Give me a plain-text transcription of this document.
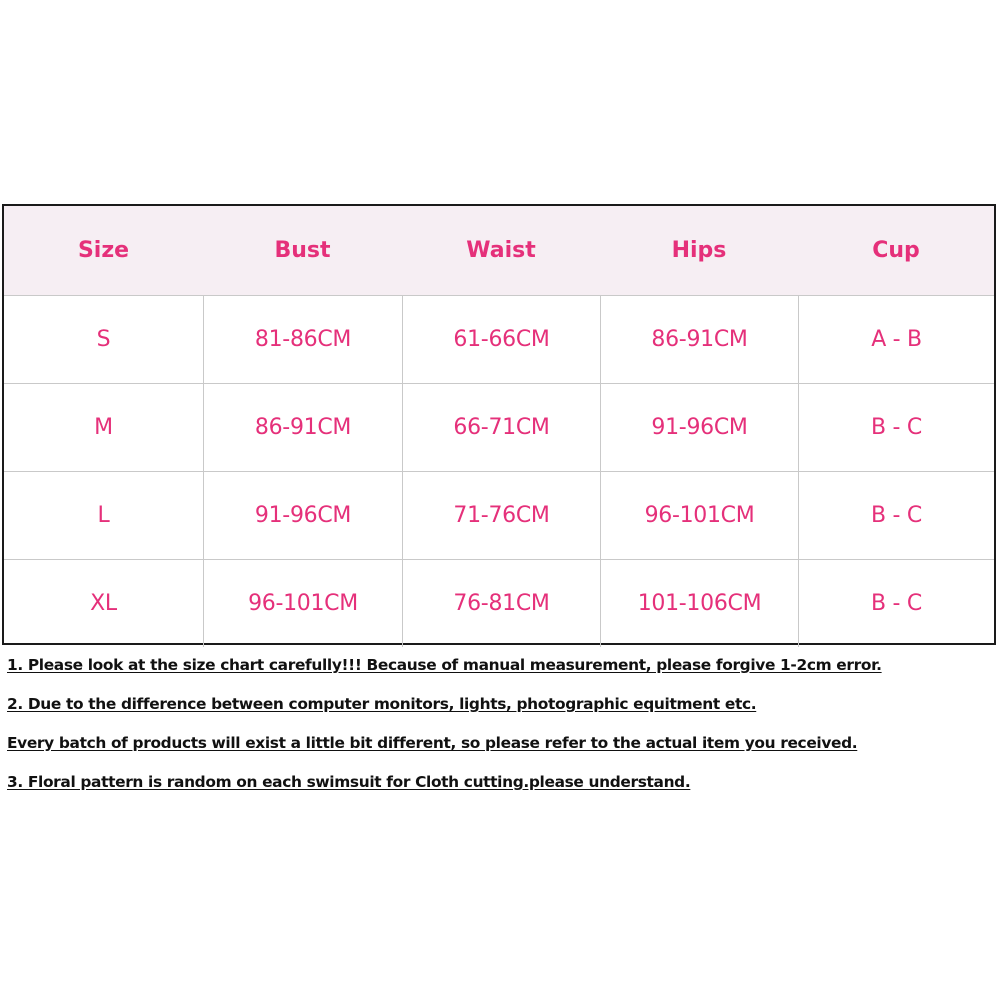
Size	Bust	Waist	Hips	Cup
S	81-86CM	61-66CM	86-91CM	A - B
M	86-91CM	66-71CM	91-96CM	B - C
L	91-96CM	71-76CM	96-101CM	B - C
XL	96-101CM	76-81CM	101-106CM	B - C
1. Please look at the size chart carefully!!! Because of manual measurement, please forgive 1-2cm error.
2. Due to the difference between computer monitors, lights, photographic equitment etc.
Every batch of products will exist a little bit different, so please refer to the actual item you received.
3. Floral pattern is random on each swimsuit for Cloth cutting.please understand.
